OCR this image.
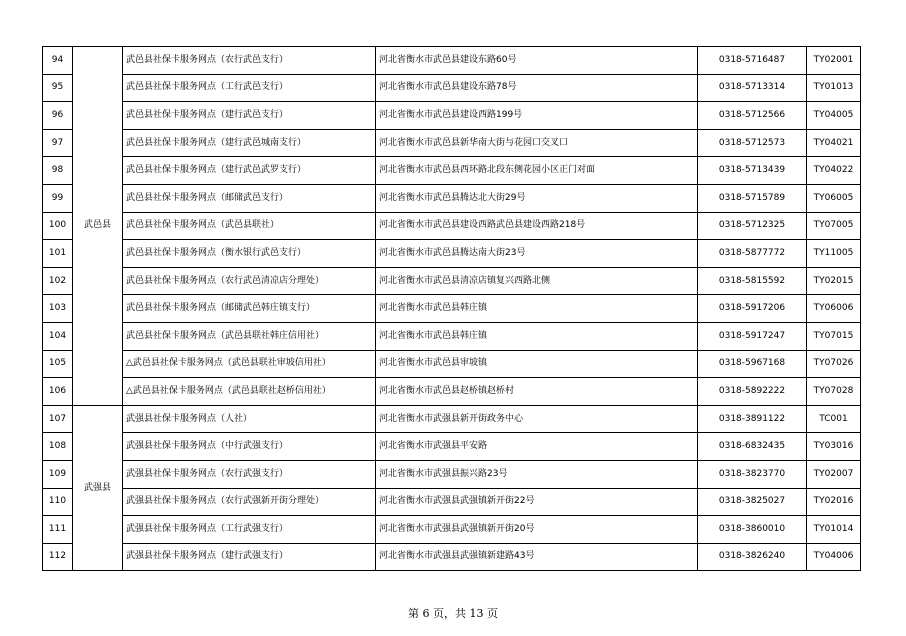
94	武邑县	武邑县社保卡服务网点（农行武邑支行）	河北省衡水市武邑县建设东路60号	0318-5716487	TY02001
95		武邑县社保卡服务网点（工行武邑支行）	河北省衡水市武邑县建设东路78号	0318-5713314	TY01013
96		武邑县社保卡服务网点（建行武邑支行）	河北省衡水市武邑县建设西路199号	0318-5712566	TY04005
97		武邑县社保卡服务网点（建行武邑城南支行）	河北省衡水市武邑县新华南大街与花园口交叉口	0318-5712573	TY04021
98		武邑县社保卡服务网点（建行武邑武罗支行）	河北省衡水市武邑县西环路北段东侧花园小区正门对面	0318-5713439	TY04022
99		武邑县社保卡服务网点（邮储武邑支行）	河北省衡水市武邑县腾达北大街29号	0318-5715789	TY06005
100		武邑县社保卡服务网点（武邑县联社）	河北省衡水市武邑县建设西路武邑县建设西路218号	0318-5712325	TY07005
101		武邑县社保卡服务网点（衡水银行武邑支行）	河北省衡水市武邑县腾达南大街23号	0318-5877772	TY11005
102		武邑县社保卡服务网点（农行武邑清凉店分理处）	河北省衡水市武邑县清凉店镇复兴西路北侧	0318-5815592	TY02015
103		武邑县社保卡服务网点（邮储武邑韩庄镇支行）	河北省衡水市武邑县韩庄镇	0318-5917206	TY06006
104		武邑县社保卡服务网点（武邑县联社韩庄信用社）	河北省衡水市武邑县韩庄镇	0318-5917247	TY07015
105		△武邑县社保卡服务网点（武邑县联社审坡信用社）	河北省衡水市武邑县审坡镇	0318-5967168	TY07026
106		△武邑县社保卡服务网点（武邑县联社赵桥信用社）	河北省衡水市武邑县赵桥镇赵桥村	0318-5892222	TY07028
107	武强县	武强县社保卡服务网点（人社）	河北省衡水市武强县新开街政务中心	0318-3891122	TC001
108		武强县社保卡服务网点（中行武强支行）	河北省衡水市武强县平安路	0318-6832435	TY03016
109		武强县社保卡服务网点（农行武强支行）	河北省衡水市武强县振兴路23号	0318-3823770	TY02007
110		武强县社保卡服务网点（农行武强新开街分理处）	河北省衡水市武强县武强镇新开街22号	0318-3825027	TY02016
111		武强县社保卡服务网点（工行武强支行）	河北省衡水市武强县武强镇新开街20号	0318-3860010	TY01014
112		武强县社保卡服务网点（建行武强支行）	河北省衡水市武强县武强镇新建路43号	0318-3826240	TY04006
第 6 页，共 13 页
